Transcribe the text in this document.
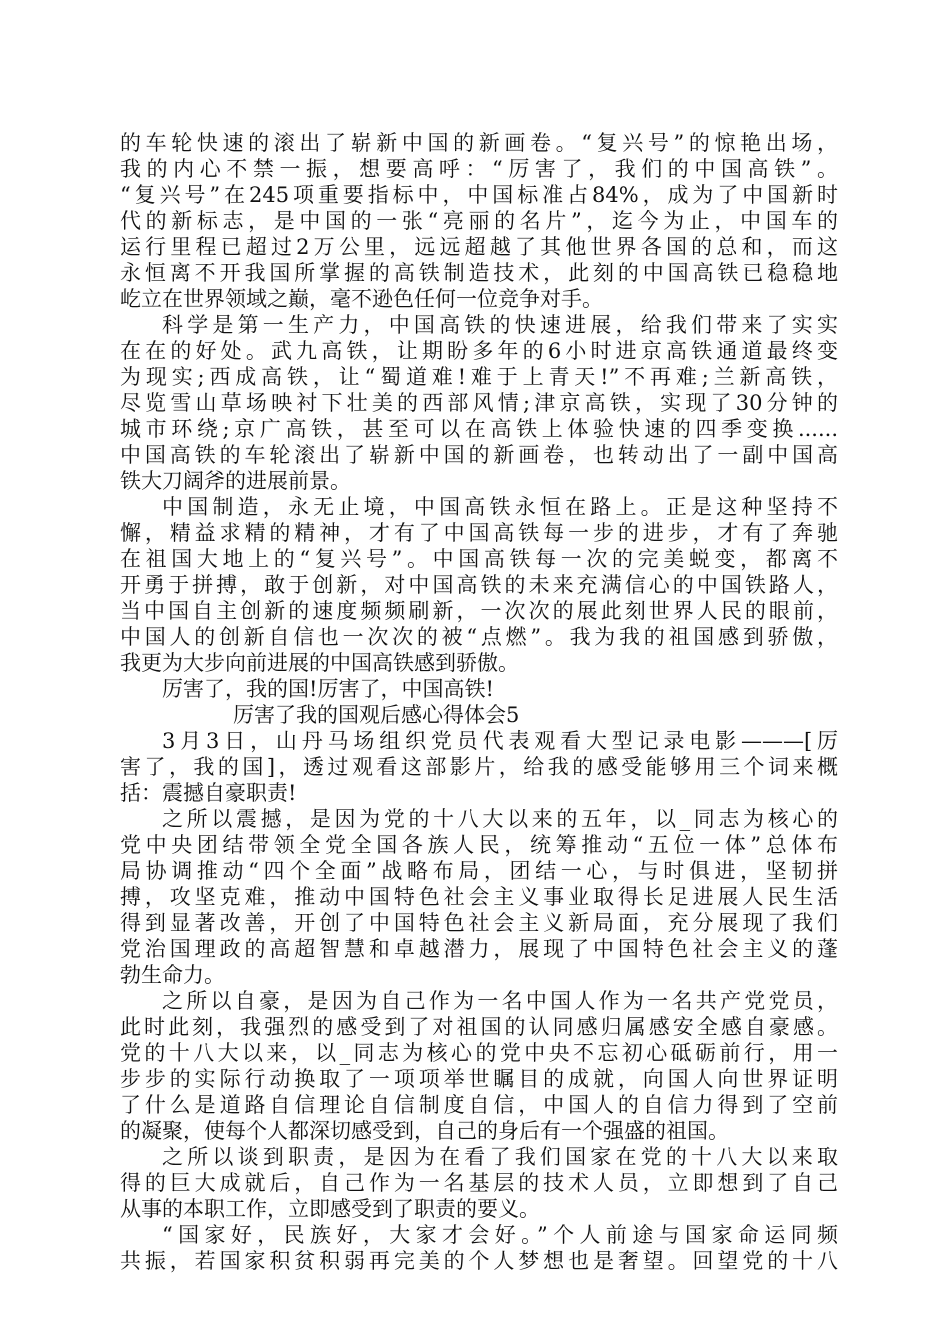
的车轮快速的滚出了崭新中国的新画卷。“复兴号”的惊艳出场，
我的内心不禁一振，想要高呼：“厉害了，我们的中国高铁”。
“复兴号”在245项重要指标中，中国标准占84%，成为了中国新时
代的新标志，是中国的一张“亮丽的名片”，迄今为止，中国车的
运行里程已超过2万公里，远远超越了其他世界各国的总和，而这
永恒离不开我国所掌握的高铁制造技术，此刻的中国高铁已稳稳地
屹立在世界领域之巅，毫不逊色任何一位竞争对手。
科学是第一生产力，中国高铁的快速进展，给我们带来了实实
在在的好处。武九高铁，让期盼多年的6小时进京高铁通道最终变
为现实;西成高铁，让“蜀道难!难于上青天!”不再难;兰新高铁，
尽览雪山草场映衬下壮美的西部风情;津京高铁，实现了30分钟的
城市环绕;京广高铁，甚至可以在高铁上体验快速的四季变换......
中国高铁的车轮滚出了崭新中国的新画卷，也转动出了一副中国高
铁大刀阔斧的进展前景。
中国制造，永无止境，中国高铁永恒在路上。正是这种坚持不
懈，精益求精的精神，才有了中国高铁每一步的进步，才有了奔驰
在祖国大地上的“复兴号”。中国高铁每一次的完美蜕变，都离不
开勇于拼搏，敢于创新，对中国高铁的未来充满信心的中国铁路人，
当中国自主创新的速度频频刷新，一次次的展此刻世界人民的眼前，
中国人的创新自信也一次次的被“点燃”。我为我的祖国感到骄傲，
我更为大步向前进展的中国高铁感到骄傲。
厉害了，我的国!厉害了，中国高铁!
厉害了我的国观后感心得体会5
3月3日，山丹马场组织党员代表观看大型记录电影———[厉
害了，我的国]，透过观看这部影片，给我的感受能够用三个词来概
括：震撼自豪职责!
之所以震撼，是因为党的十八大以来的五年，以_同志为核心的
党中央团结带领全党全国各族人民，统筹推动“五位一体”总体布
局协调推动“四个全面”战略布局，团结一心，与时俱进，坚韧拼
搏，攻坚克难，推动中国特色社会主义事业取得长足进展人民生活
得到显著改善，开创了中国特色社会主义新局面，充分展现了我们
党治国理政的高超智慧和卓越潜力，展现了中国特色社会主义的蓬
勃生命力。
之所以自豪，是因为自己作为一名中国人作为一名共产党党员，
此时此刻，我强烈的感受到了对祖国的认同感归属感安全感自豪感。
党的十八大以来，以_同志为核心的党中央不忘初心砥砺前行，用一
步步的实际行动换取了一项项举世瞩目的成就，向国人向世界证明
了什么是道路自信理论自信制度自信，中国人的自信力得到了空前
的凝聚，使每个人都深切感受到，自己的身后有一个强盛的祖国。
之所以谈到职责，是因为在看了我们国家在党的十八大以来取
得的巨大成就后，自己作为一名基层的技术人员，立即想到了自己
从事的本职工作，立即感受到了职责的要义。
“国家好，民族好，大家才会好。”个人前途与国家命运同频
共振，若国家积贫积弱再完美的个人梦想也是奢望。回望党的十八
